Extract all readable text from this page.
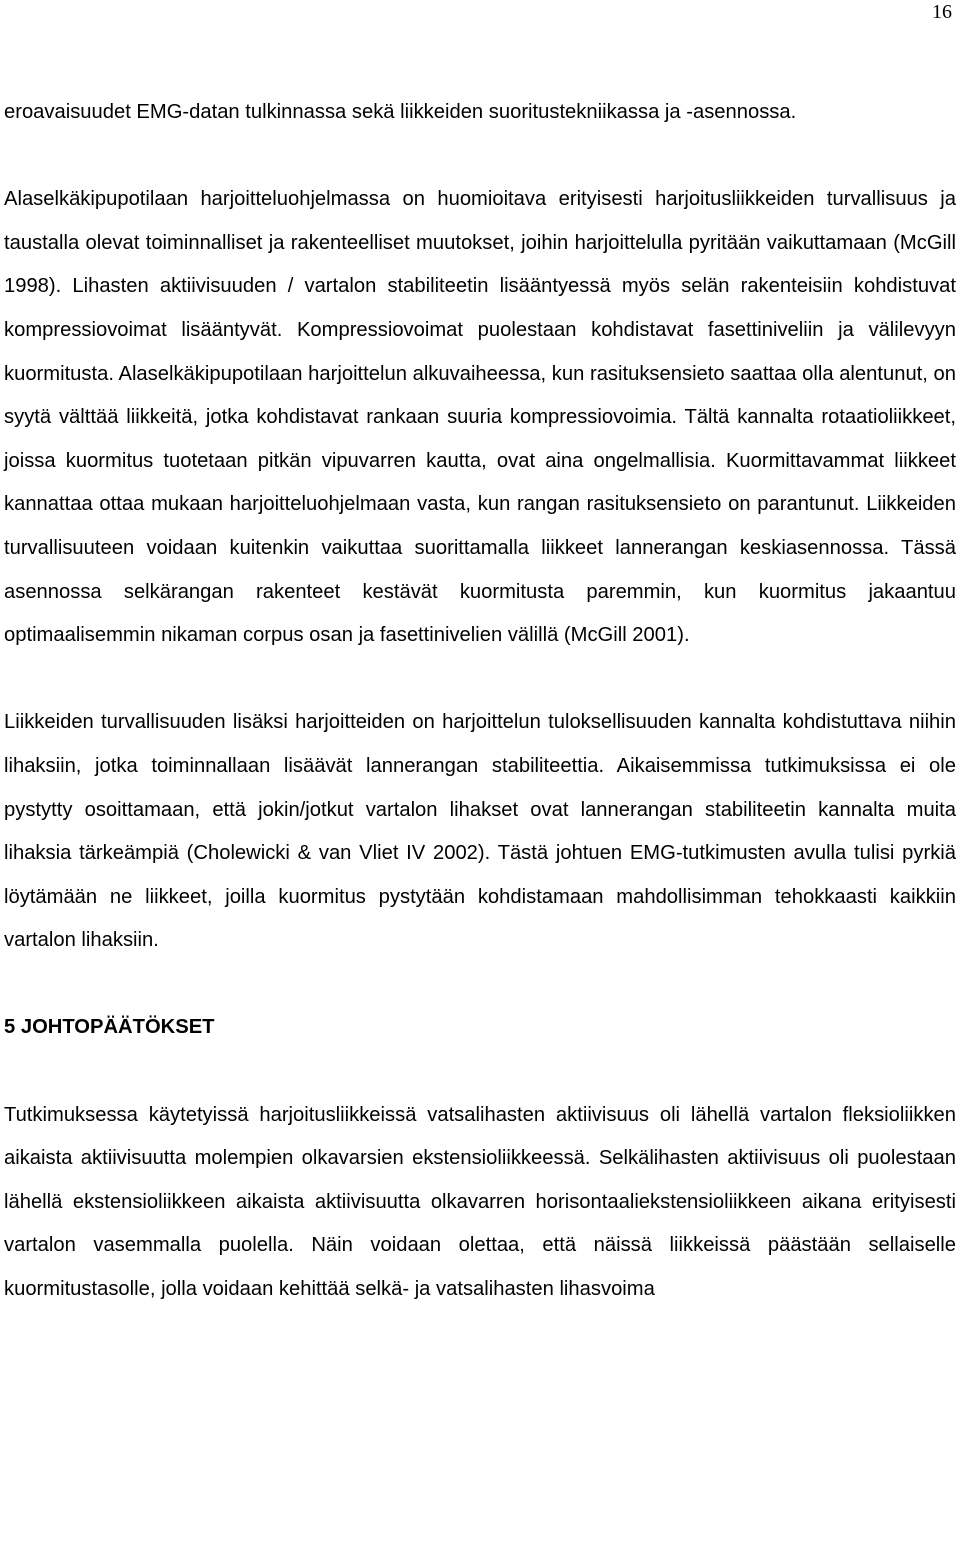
16

eroavaisuudet EMG-datan tulkinnassa sekä liikkeiden suoritustekniikassa ja -asennossa.

Alaselkäkipupotilaan harjoitteluohjelmassa on huomioitava erityisesti harjoitusliikkeiden turvallisuus ja taustalla olevat toiminnalliset ja rakenteelliset muutokset, joihin harjoittelulla pyritään vaikuttamaan (McGill 1998). Lihasten aktiivisuuden / vartalon stabiliteetin lisääntyessä myös selän rakenteisiin kohdistuvat kompressiovoimat lisääntyvät. Kompressiovoimat puolestaan kohdistavat fasettiniveliin ja välilevyyn kuormitusta. Alaselkäkipupotilaan harjoittelun alkuvaiheessa, kun rasituksensieto saattaa olla alentunut, on syytä välttää liikkeitä, jotka kohdistavat rankaan suuria kompressiovoimia. Tältä kannalta rotaatioliikkeet, joissa kuormitus tuotetaan pitkän vipuvarren kautta, ovat aina ongelmallisia. Kuormittavammat liikkeet kannattaa ottaa mukaan harjoitteluohjelmaan vasta, kun rangan rasituksensieto on parantunut. Liikkeiden turvallisuuteen voidaan kuitenkin vaikuttaa suorittamalla liikkeet lannerangan keskiasennossa. Tässä asennossa selkärangan rakenteet kestävät kuormitusta paremmin, kun kuormitus jakaantuu optimaalisemmin nikaman corpus osan ja fasettinivelien välillä (McGill 2001).

Liikkeiden turvallisuuden lisäksi harjoitteiden on harjoittelun tuloksellisuuden kannalta kohdistuttava niihin lihaksiin, jotka toiminnallaan lisäävät lannerangan stabiliteettia. Aikaisemmissa tutkimuksissa ei ole pystytty osoittamaan, että jokin/jotkut vartalon lihakset ovat lannerangan stabiliteetin kannalta muita lihaksia tärkeämpiä (Cholewicki & van Vliet IV 2002). Tästä johtuen EMG-tutkimusten avulla tulisi pyrkiä löytämään ne liikkeet, joilla kuormitus pystytään kohdistamaan mahdollisimman tehokkaasti kaikkiin vartalon lihaksiin.

5 JOHTOPÄÄTÖKSET

Tutkimuksessa käytetyissä harjoitusliikkeissä vatsalihasten aktiivisuus oli lähellä vartalon fleksioliikken aikaista aktiivisuutta molempien olkavarsien ekstensioliikkeessä. Selkälihasten aktiivisuus oli puolestaan lähellä ekstensioliikkeen aikaista aktiivisuutta olkavarren horisontaaliekstensioliikkeen aikana erityisesti vartalon vasemmalla puolella. Näin voidaan olettaa, että näissä liikkeissä päästään sellaiselle kuormitustasolle, jolla voidaan kehittää selkä- ja vatsalihasten lihasvoima
